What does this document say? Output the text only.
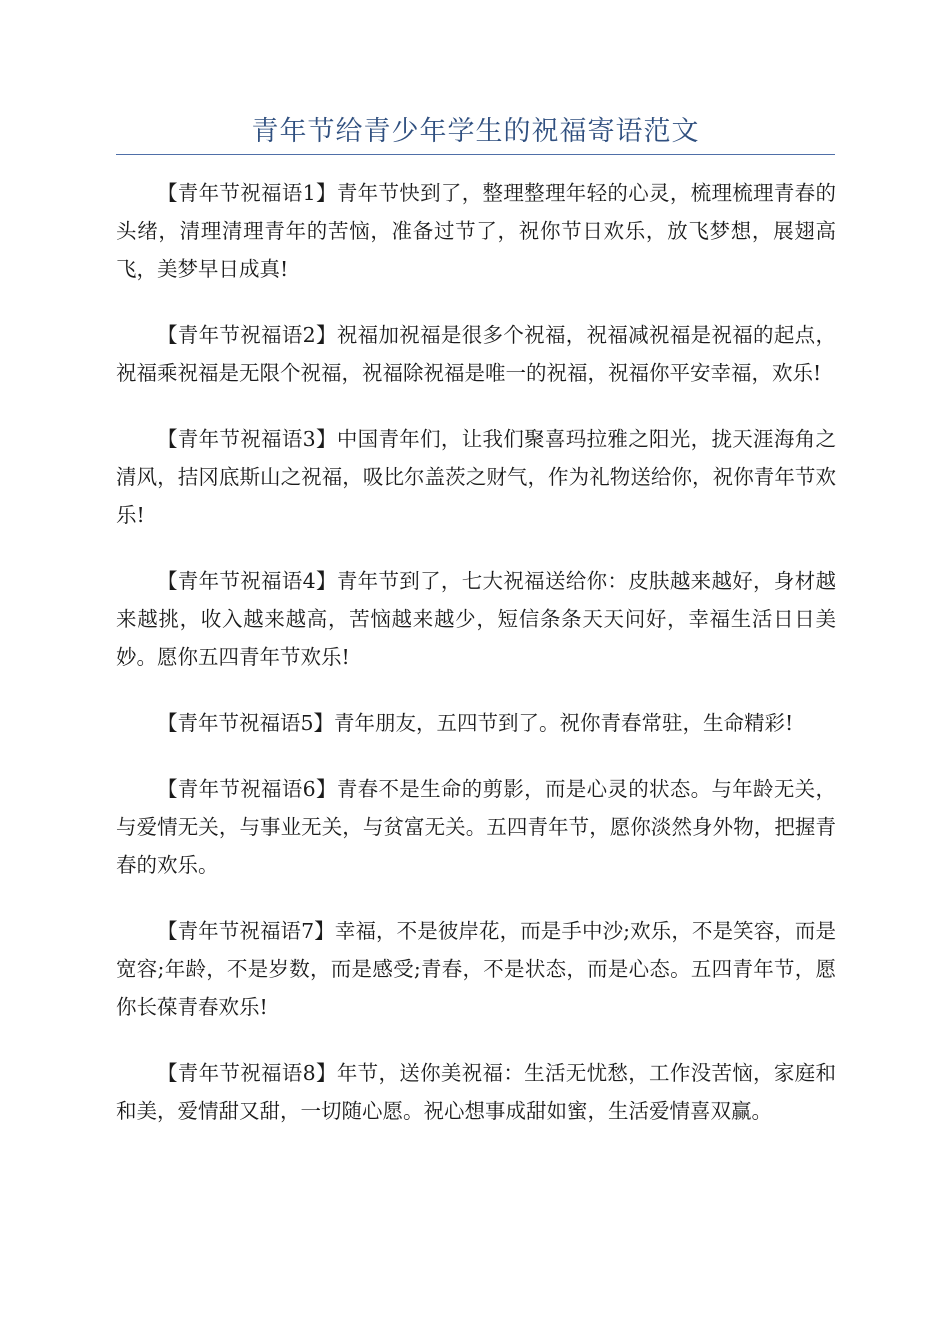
青年节给青少年学生的祝福寄语范文

【青年节祝福语1】青年节快到了，整理整理年轻的心灵，梳理梳理青春的头绪，清理清理青年的苦恼，准备过节了，祝你节日欢乐，放飞梦想，展翅高飞，美梦早日成真!

【青年节祝福语2】祝福加祝福是很多个祝福，祝福减祝福是祝福的起点，祝福乘祝福是无限个祝福，祝福除祝福是唯一的祝福，祝福你平安幸福，欢乐!

【青年节祝福语3】中国青年们，让我们聚喜玛拉雅之阳光，拢天涯海角之清风，拮冈底斯山之祝福，吸比尔盖茨之财气，作为礼物送给你，祝你青年节欢乐!

【青年节祝福语4】青年节到了，七大祝福送给你：皮肤越来越好，身材越来越挑，收入越来越高，苦恼越来越少，短信条条天天问好，幸福生活日日美妙。愿你五四青年节欢乐!

【青年节祝福语5】青年朋友，五四节到了。祝你青春常驻，生命精彩!

【青年节祝福语6】青春不是生命的剪影，而是心灵的状态。与年龄无关，与爱情无关，与事业无关，与贫富无关。五四青年节，愿你淡然身外物，把握青春的欢乐。

【青年节祝福语7】幸福，不是彼岸花，而是手中沙;欢乐，不是笑容，而是宽容;年龄，不是岁数，而是感受;青春，不是状态，而是心态。五四青年节，愿你长葆青春欢乐!

【青年节祝福语8】年节，送你美祝福：生活无忧愁，工作没苦恼，家庭和和美，爱情甜又甜，一切随心愿。祝心想事成甜如蜜，生活爱情喜双赢。
